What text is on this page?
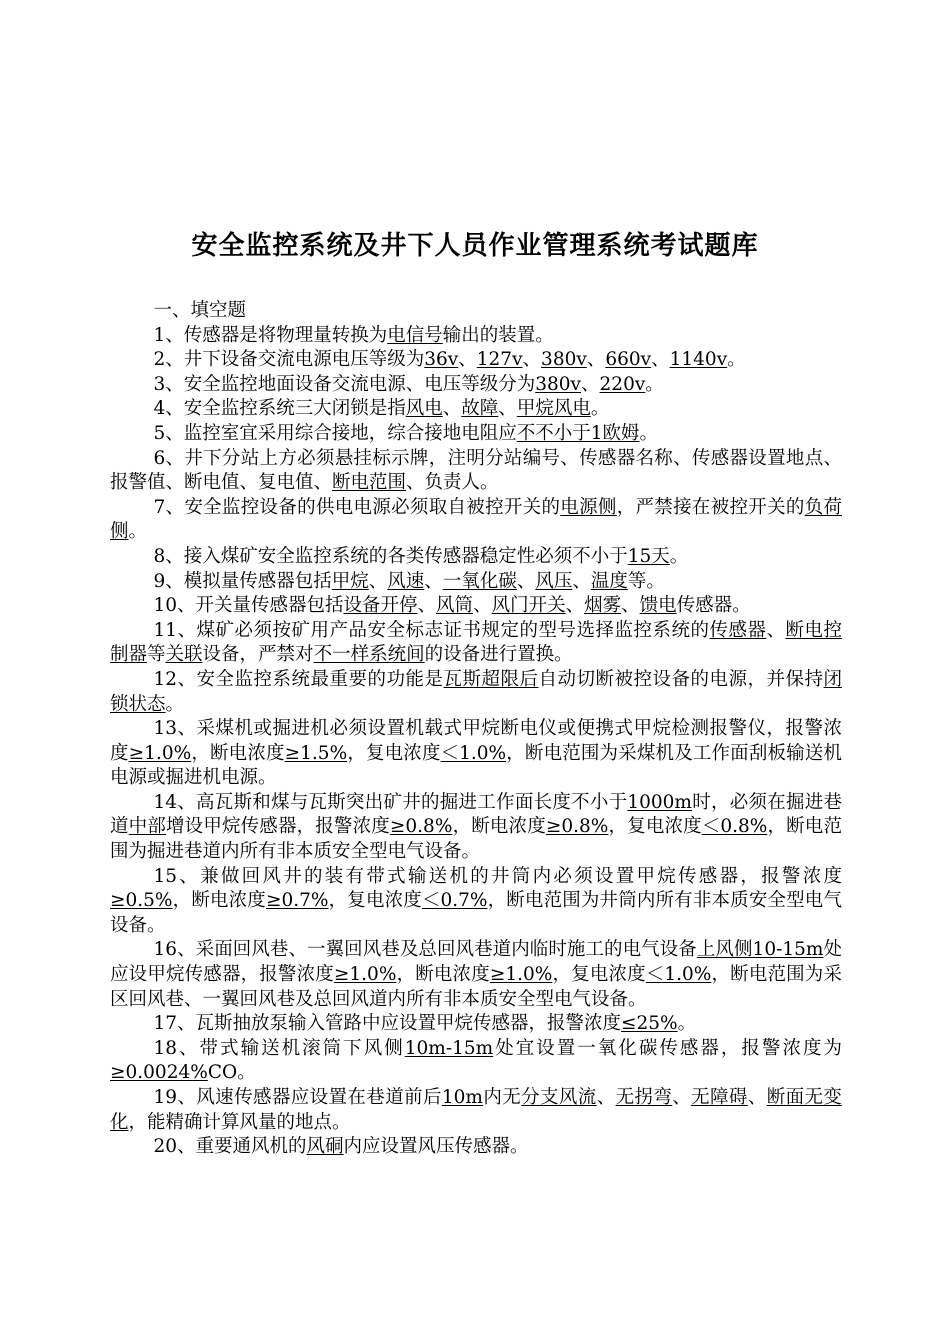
安全监控系统及井下人员作业管理系统考试题库

一、填空题

1、传感器是将物理量转换为电信号输出的装置。

2、井下设备交流电源电压等级为36v、127v、380v、660v、1140v。

3、安全监控地面设备交流电源、电压等级分为380v、220v。

4、安全监控系统三大闭锁是指风电、故障、甲烷风电。

5、监控室宜采用综合接地，综合接地电阻应不不小于1欧姆。

6、井下分站上方必须悬挂标示牌，注明分站编号、传感器名称、传感器设置地点、报警值、断电值、复电值、断电范围、负责人。

7、安全监控设备的供电电源必须取自被控开关的电源侧，严禁接在被控开关的负荷侧。

8、接入煤矿安全监控系统的各类传感器稳定性必须不小于15天。

9、模拟量传感器包括甲烷、风速、一氧化碳、风压、温度等。

10、开关量传感器包括设备开停、风筒、风门开关、烟雾、馈电传感器。

11、煤矿必须按矿用产品安全标志证书规定的型号选择监控系统的传感器、断电控制器等关联设备，严禁对不一样系统间的设备进行置换。

12、安全监控系统最重要的功能是瓦斯超限后自动切断被控设备的电源，并保持闭锁状态。

13、采煤机或掘进机必须设置机载式甲烷断电仪或便携式甲烷检测报警仪，报警浓度≥1.0%，断电浓度≥1.5%，复电浓度＜1.0%，断电范围为采煤机及工作面刮板输送机电源或掘进机电源。

14、高瓦斯和煤与瓦斯突出矿井的掘进工作面长度不小于1000m时，必须在掘进巷道中部增设甲烷传感器，报警浓度≥0.8%，断电浓度≥0.8%，复电浓度＜0.8%，断电范围为掘进巷道内所有非本质安全型电气设备。

15、兼做回风井的装有带式输送机的井筒内必须设置甲烷传感器，报警浓度≥0.5%，断电浓度≥0.7%，复电浓度＜0.7%，断电范围为井筒内所有非本质安全型电气设备。

16、采面回风巷、一翼回风巷及总回风巷道内临时施工的电气设备上风侧10-15m处应设甲烷传感器，报警浓度≥1.0%，断电浓度≥1.0%，复电浓度＜1.0%，断电范围为采区回风巷、一翼回风巷及总回风道内所有非本质安全型电气设备。

17、瓦斯抽放泵输入管路中应设置甲烷传感器，报警浓度≤25%。

18、带式输送机滚筒下风侧10m-15m处宜设置一氧化碳传感器，报警浓度为≥0.0024%CO。

19、风速传感器应设置在巷道前后10m内无分支风流、无拐弯、无障碍、断面无变化，能精确计算风量的地点。

20、重要通风机的风硐内应设置风压传感器。
